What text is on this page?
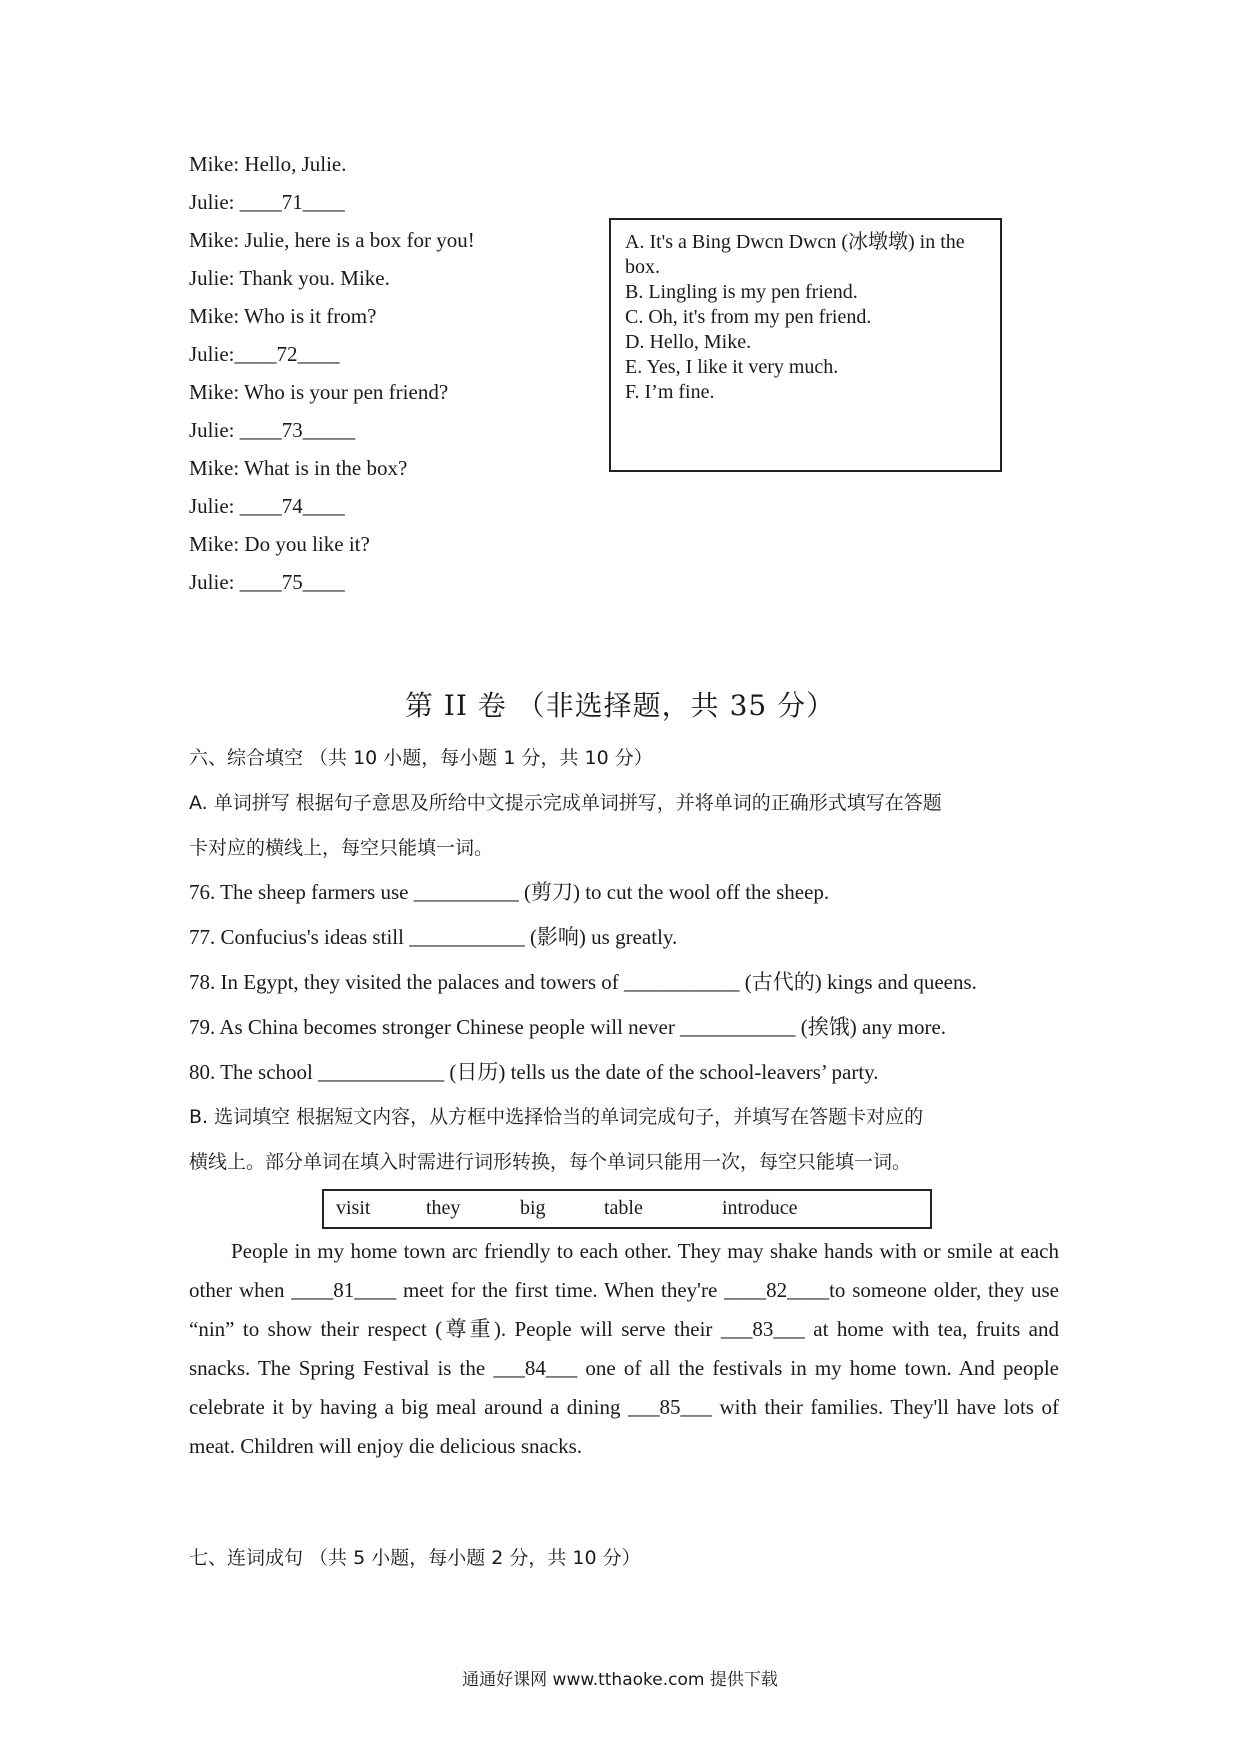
Mike: Hello, Julie.
Julie: ____71____
Mike: Julie, here is a box for you!
Julie: Thank you. Mike.
Mike: Who is it from?
Julie:____72____
Mike: Who is your pen friend?
Julie: ____73_____
Mike: What is in the box?
Julie: ____74____
Mike: Do you like it?
Julie: ____75____
A. It's a Bing Dwcn Dwcn (冰墩墩) in the box.
B. Lingling is my pen friend.
C. Oh, it's from my pen friend.
D. Hello, Mike.
E. Yes, I like it very much.
F. I’m fine.
第 II 卷 （非选择题，共 35 分）
六、综合填空 （共 10 小题，每小题 1 分，共 10 分）
A. 单词拼写 根据句子意思及所给中文提示完成单词拼写，并将单词的正确形式填写在答题
卡对应的横线上，每空只能填一词。
76. The sheep farmers use __________ (剪刀) to cut the wool off the sheep.
77. Confucius's ideas still ___________ (影响) us greatly.
78. In Egypt, they visited the palaces and towers of ___________ (古代的) kings and queens.
79. As China becomes stronger Chinese people will never ___________ (挨饿) any more.
80. The school ____________ (日历) tells us the date of the school-leavers’ party.
B. 选词填空 根据短文内容，从方框中选择恰当的单词完成句子，并填写在答题卡对应的
横线上。部分单词在填入时需进行词形转换，每个单词只能用一次，每空只能填一词。
visit	they	big	table	introduce

People in my home town arc friendly to each other. They may shake hands with or smile at each other when ____81____ meet for the first time. When they're ____82____to someone older, they use “nin” to show their respect (尊重). People will serve their ___83___ at home with tea, fruits and snacks. The Spring Festival is the ___84___ one of all the festivals in my home town. And people celebrate it by having a big meal around a dining ___85___ with their families. They'll have lots of meat. Children will enjoy die delicious snacks.

七、连词成句 （共 5 小题，每小题 2 分，共 10 分）
通通好课网 www.tthaoke.com 提供下载
